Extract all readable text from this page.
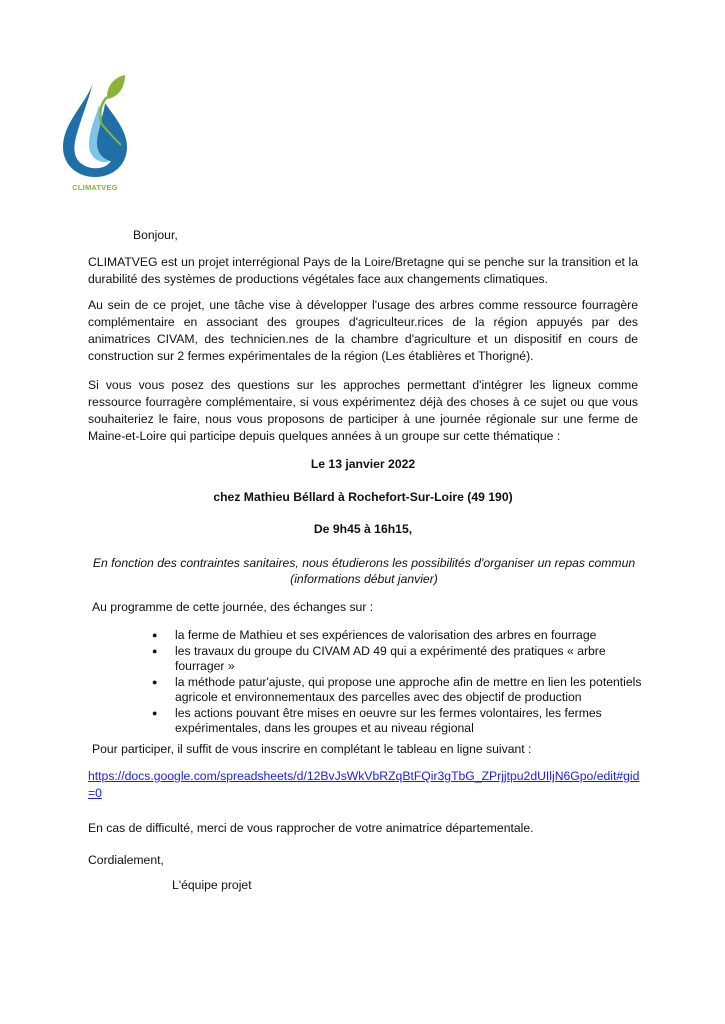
CLIMATVEG
Bonjour,
CLIMATVEG est un projet interrégional Pays de la Loire/Bretagne qui se penche sur la transition et la durabilité des systèmes de productions végétales face aux changements climatiques.
Au sein de ce projet, une tâche vise à développer l'usage des arbres comme ressource fourragère complémentaire en associant des groupes d'agriculteur.rices de la région appuyés par des animatrices CIVAM, des technicien.nes de la chambre d'agriculture et un dispositif en cours de construction sur 2 fermes expérimentales de la région (Les établières et Thorigné).
Si vous vous posez des questions sur les approches permettant d'intégrer les ligneux comme ressource fourragère complémentaire, si vous expérimentez déjà des choses à ce sujet ou que vous souhaiteriez le faire, nous vous proposons de participer à une journée régionale sur une ferme de Maine-et-Loire qui participe depuis quelques années à un groupe sur cette thématique :
Le 13 janvier 2022
chez Mathieu Béllard à Rochefort-Sur-Loire (49 190)
De 9h45 à 16h15,
En fonction des contraintes sanitaires, nous étudierons les possibilités d'organiser un repas commun (informations début janvier)
Au programme de cette journée, des échanges sur :
● la ferme de Mathieu et ses expériences de valorisation des arbres en fourrage
● les travaux du groupe du CIVAM AD 49 qui a expérimenté des pratiques « arbre fourrager »
● la méthode patur'ajuste, qui propose une approche afin de mettre en lien les potentiels agricole et environnementaux des parcelles avec des objectif de production
● les actions pouvant être mises en oeuvre sur les fermes volontaires, les fermes expérimentales, dans les groupes et au niveau régional
Pour participer, il suffit de vous inscrire en complétant le tableau en ligne suivant :
https://docs.google.com/spreadsheets/d/12BvJsWkVbRZqBtFQir3gTbG_ZPrjjtpu2dUIljN6Gpo/edit#gid=0
En cas de difficulté, merci de vous rapprocher de votre animatrice départementale.
Cordialement,
L'équipe projet
